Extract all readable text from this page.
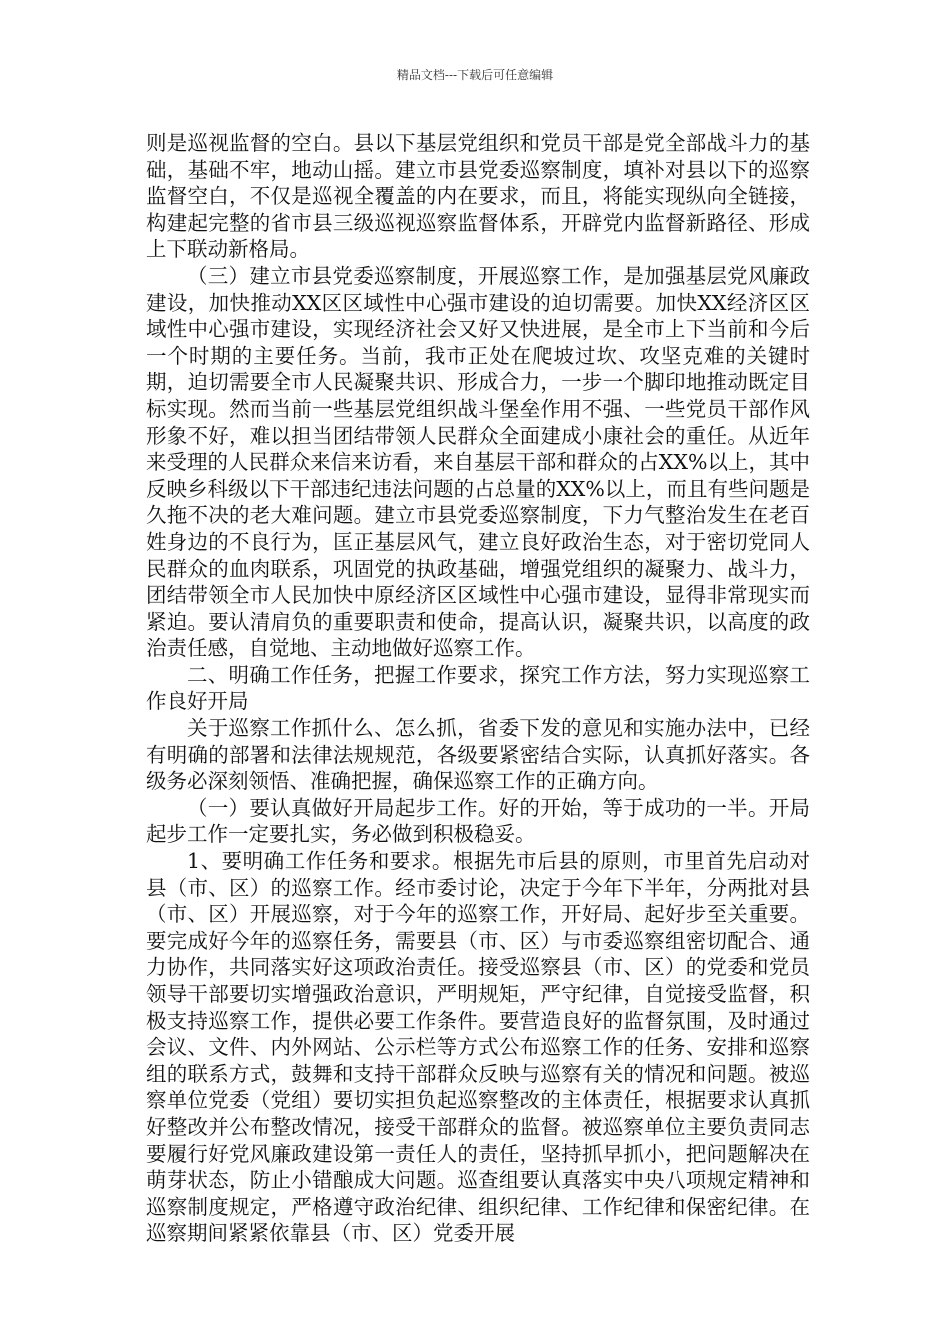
精品文档---下载后可任意编辑

则是巡视监督的空白。县以下基层党组织和党员干部是党全部战斗力的基础，基础不牢，地动山摇。建立市县党委巡察制度，填补对县以下的巡察监督空白，不仅是巡视全覆盖的内在要求，而且，将能实现纵向全链接，构建起完整的省市县三级巡视巡察监督体系，开辟党内监督新路径、形成上下联动新格局。

（三）建立市县党委巡察制度，开展巡察工作，是加强基层党风廉政建设，加快推动XX区区域性中心强市建设的迫切需要。加快XX经济区区域性中心强市建设，实现经济社会又好又快进展，是全市上下当前和今后一个时期的主要任务。当前，我市正处在爬坡过坎、攻坚克难的关键时期，迫切需要全市人民凝聚共识、形成合力，一步一个脚印地推动既定目标实现。然而当前一些基层党组织战斗堡垒作用不强、一些党员干部作风形象不好，难以担当团结带领人民群众全面建成小康社会的重任。从近年来受理的人民群众来信来访看，来自基层干部和群众的占XX%以上，其中反映乡科级以下干部违纪违法问题的占总量的XX%以上，而且有些问题是久拖不决的老大难问题。建立市县党委巡察制度，下力气整治发生在老百姓身边的不良行为，匡正基层风气，建立良好政治生态，对于密切党同人民群众的血肉联系，巩固党的执政基础，增强党组织的凝聚力、战斗力，团结带领全市人民加快中原经济区区域性中心强市建设，显得非常现实而紧迫。要认清肩负的重要职责和使命，提高认识，凝聚共识，以高度的政治责任感，自觉地、主动地做好巡察工作。

二、明确工作任务，把握工作要求，探究工作方法，努力实现巡察工作良好开局

关于巡察工作抓什么、怎么抓，省委下发的意见和实施办法中，已经有明确的部署和法律法规规范，各级要紧密结合实际，认真抓好落实。各级务必深刻领悟、准确把握，确保巡察工作的正确方向。

（一）要认真做好开局起步工作。好的开始，等于成功的一半。开局起步工作一定要扎实，务必做到积极稳妥。

1、要明确工作任务和要求。根据先市后县的原则，市里首先启动对县（市、区）的巡察工作。经市委讨论，决定于今年下半年，分两批对县（市、区）开展巡察，对于今年的巡察工作，开好局、起好步至关重要。要完成好今年的巡察任务，需要县（市、区）与市委巡察组密切配合、通力协作，共同落实好这项政治责任。接受巡察县（市、区）的党委和党员领导干部要切实增强政治意识，严明规矩，严守纪律，自觉接受监督，积极支持巡察工作，提供必要工作条件。要营造良好的监督氛围，及时通过会议、文件、内外网站、公示栏等方式公布巡察工作的任务、安排和巡察组的联系方式，鼓舞和支持干部群众反映与巡察有关的情况和问题。被巡察单位党委（党组）要切实担负起巡察整改的主体责任，根据要求认真抓好整改并公布整改情况，接受干部群众的监督。被巡察单位主要负责同志要履行好党风廉政建设第一责任人的责任，坚持抓早抓小，把问题解决在萌芽状态，防止小错酿成大问题。巡查组要认真落实中央八项规定精神和巡察制度规定，严格遵守政治纪律、组织纪律、工作纪律和保密纪律。在巡察期间紧紧依靠县（市、区）党委开展
